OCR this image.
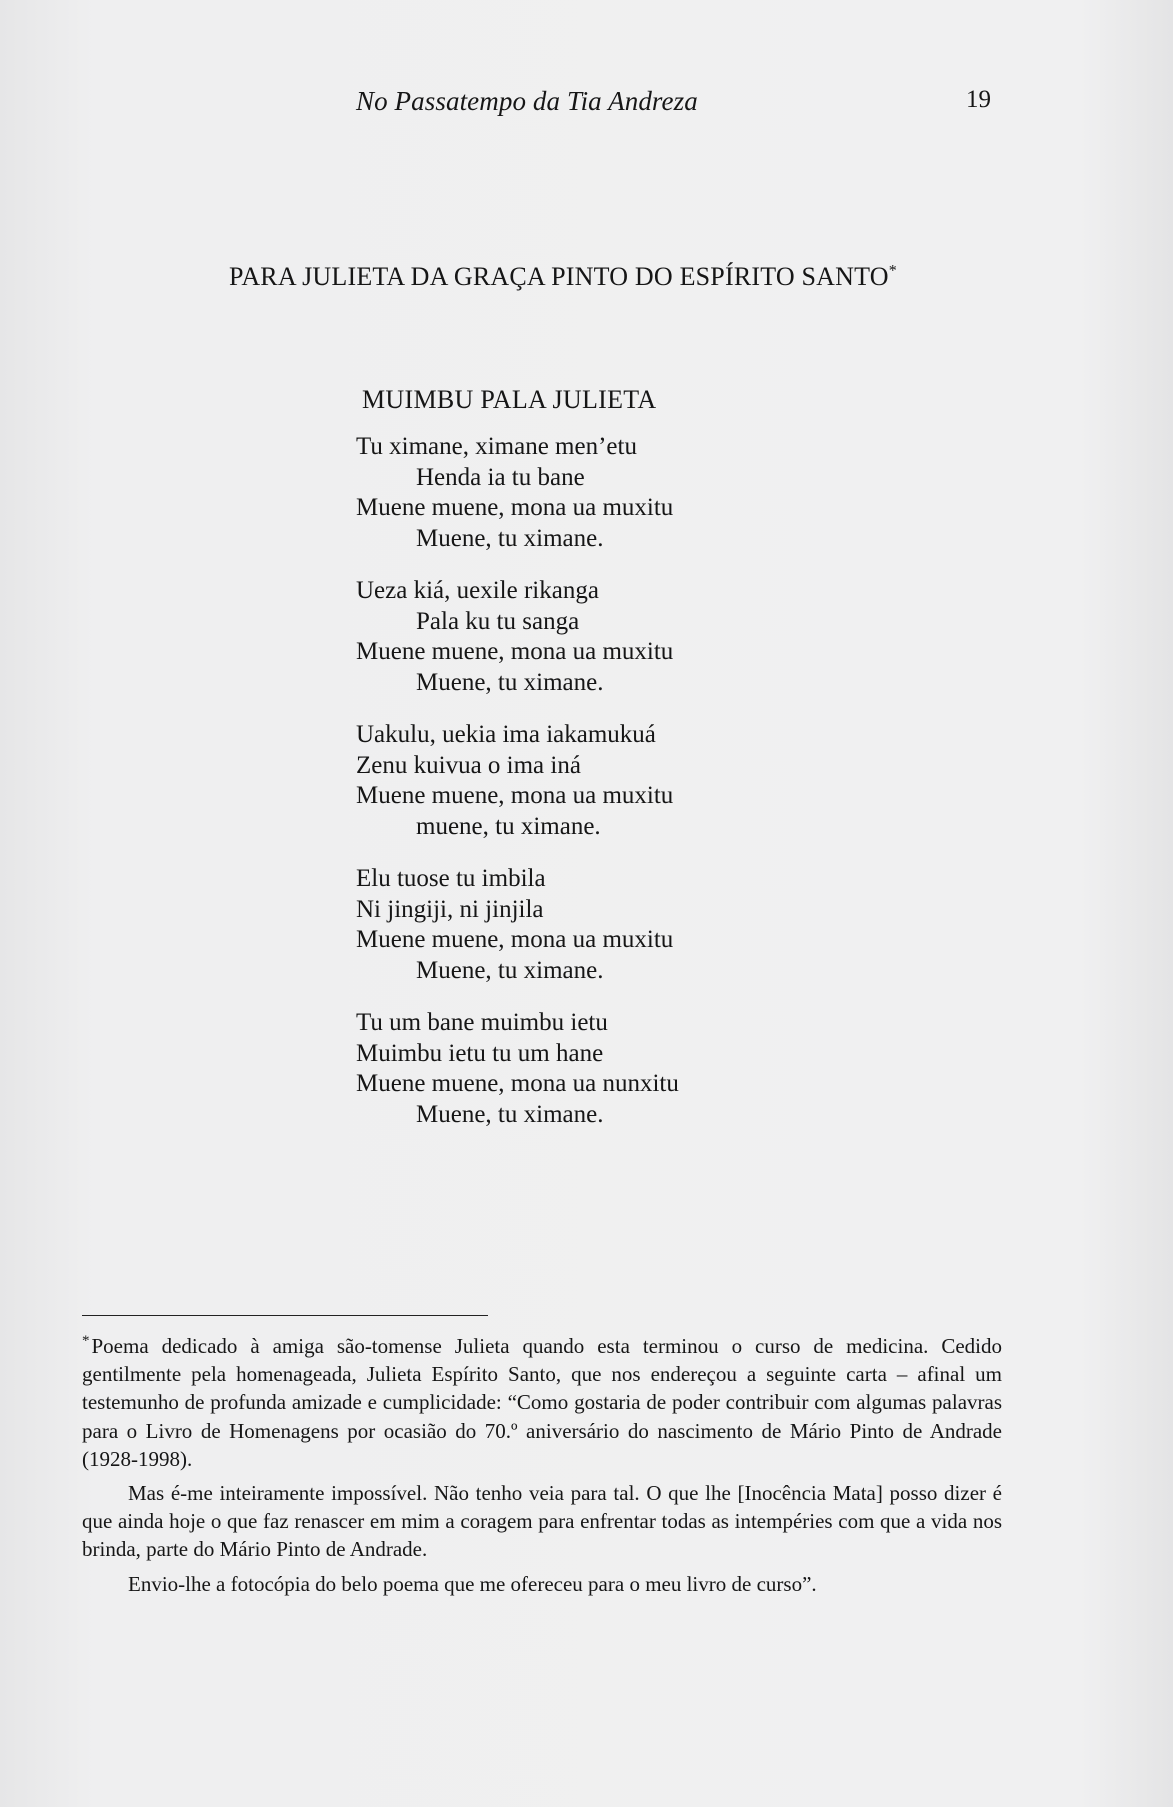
No Passatempo da Tia Andreza	19
PARA JULIETA DA GRAÇA PINTO DO ESPÍRITO SANTO*
MUIMBU PALA JULIETA
Tu ximane, ximane men’etu
Henda ia tu bane
Muene muene, mona ua muxitu
Muene, tu ximane.
Ueza kiá, uexile rikanga
Pala ku tu sanga
Muene muene, mona ua muxitu
Muene, tu ximane.
Uakulu, uekia ima iakamukuá
Zenu kuivua o ima iná
Muene muene, mona ua muxitu
muene, tu ximane.
Elu tuose tu imbila
Ni jingiji, ni jinjila
Muene muene, mona ua muxitu
Muene, tu ximane.
Tu um bane muimbu ietu
Muimbu ietu tu um hane
Muene muene, mona ua nunxitu
Muene, tu ximane.

*Poema dedicado à amiga são-tomense Julieta quando esta terminou o curso de medicina. Cedido gentilmente pela homenageada, Julieta Espírito Santo, que nos endereçou a seguinte carta – afinal um testemunho de profunda amizade e cumplicidade: “Como gostaria de poder contribuir com algumas palavras para o Livro de Homenagens por ocasião do 70.º aniversário do nascimento de Mário Pinto de Andrade (1928-1998).

Mas é-me inteiramente impossível. Não tenho veia para tal. O que lhe [Inocência Mata] posso dizer é que ainda hoje o que faz renascer em mim a coragem para enfrentar todas as intempéries com que a vida nos brinda, parte do Mário Pinto de Andrade.

Envio-lhe a fotocópia do belo poema que me ofereceu para o meu livro de curso”.
